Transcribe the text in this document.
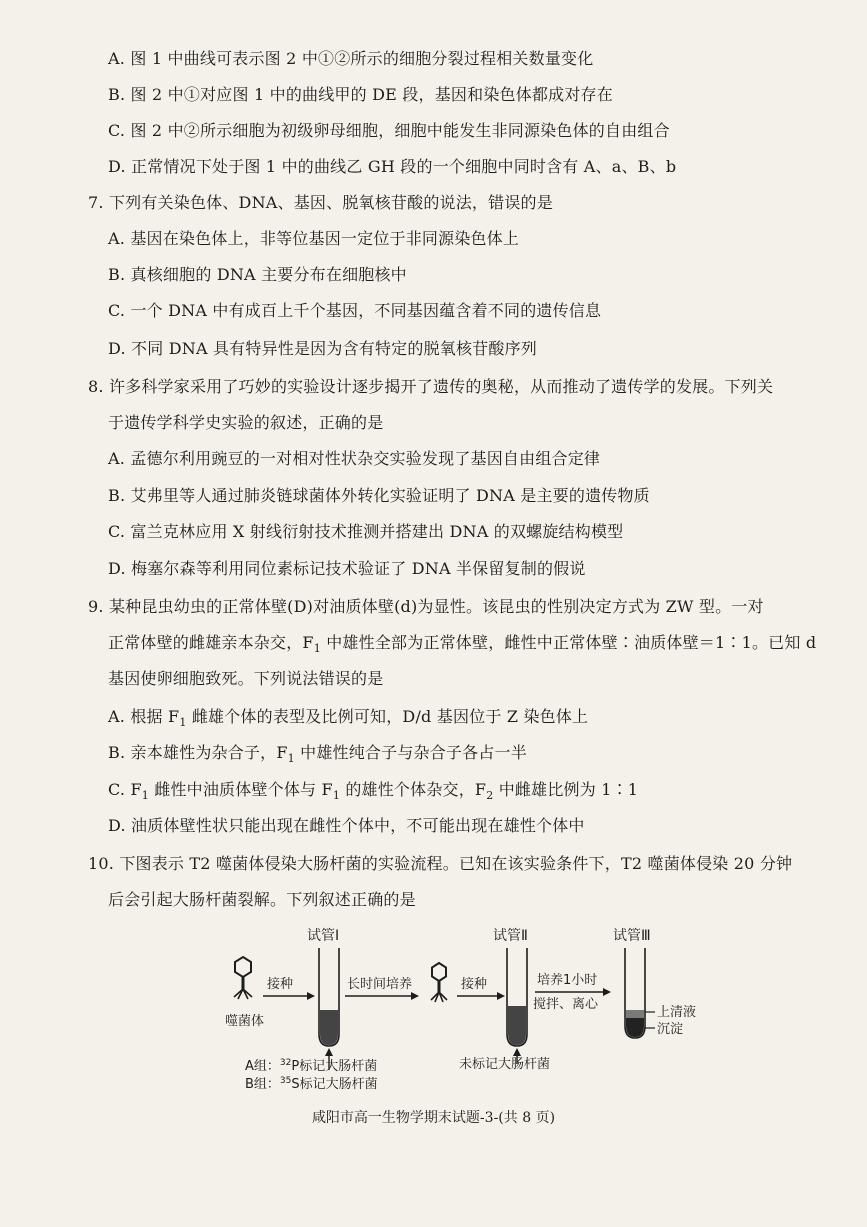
A. 图 1 中曲线可表示图 2 中①②所示的细胞分裂过程相关数量变化
B. 图 2 中①对应图 1 中的曲线甲的 DE 段，基因和染色体都成对存在
C. 图 2 中②所示细胞为初级卵母细胞，细胞中能发生非同源染色体的自由组合
D. 正常情况下处于图 1 中的曲线乙 GH 段的一个细胞中同时含有 A、a、B、b
7. 下列有关染色体、DNA、基因、脱氧核苷酸的说法，错误的是
A. 基因在染色体上，非等位基因一定位于非同源染色体上
B. 真核细胞的 DNA 主要分布在细胞核中
C. 一个 DNA 中有成百上千个基因，不同基因蕴含着不同的遗传信息
D. 不同 DNA 具有特异性是因为含有特定的脱氧核苷酸序列
8. 许多科学家采用了巧妙的实验设计逐步揭开了遗传的奥秘，从而推动了遗传学的发展。下列关
于遗传学科学史实验的叙述，正确的是
A. 孟德尔利用豌豆的一对相对性状杂交实验发现了基因自由组合定律
B. 艾弗里等人通过肺炎链球菌体外转化实验证明了 DNA 是主要的遗传物质
C. 富兰克林应用 X 射线衍射技术推测并搭建出 DNA 的双螺旋结构模型
D. 梅塞尔森等利用同位素标记技术验证了 DNA 半保留复制的假说
9. 某种昆虫幼虫的正常体壁(D)对油质体壁(d)为显性。该昆虫的性别决定方式为 ZW 型。一对
正常体壁的雌雄亲本杂交，$F_1$ 中雄性全部为正常体壁，雌性中正常体壁∶油质体壁＝1∶1。已知 d
基因使卵细胞致死。下列说法错误的是
A. 根据 $F_1$ 雌雄个体的表型及比例可知，D/d 基因位于 Z 染色体上
B. 亲本雄性为杂合子，$F_1$ 中雄性纯合子与杂合子各占一半
C. $F_1$ 雌性中油质体壁个体与 $F_1$ 的雄性个体杂交，$F_2$ 中雌雄比例为 1∶1
D. 油质体壁性状只能出现在雌性个体中，不可能出现在雄性个体中
10. 下图表示 T2 噬菌体侵染大肠杆菌的实验流程。已知在该实验条件下，T2 噬菌体侵染 20 分钟
后会引起大肠杆菌裂解。下列叙述正确的是
噬菌体
接种
试管I
A组：$^{32}$P标记大肠杆菌
B组：$^{35}$S标记大肠杆菌
长时间培养	接种
试管Ⅱ
未标记大肠杆菌
培养1小时
搅拌、离心
试管Ⅲ
上清液
沉淀
咸阳市高一生物学期末试题-3-(共 8 页)
